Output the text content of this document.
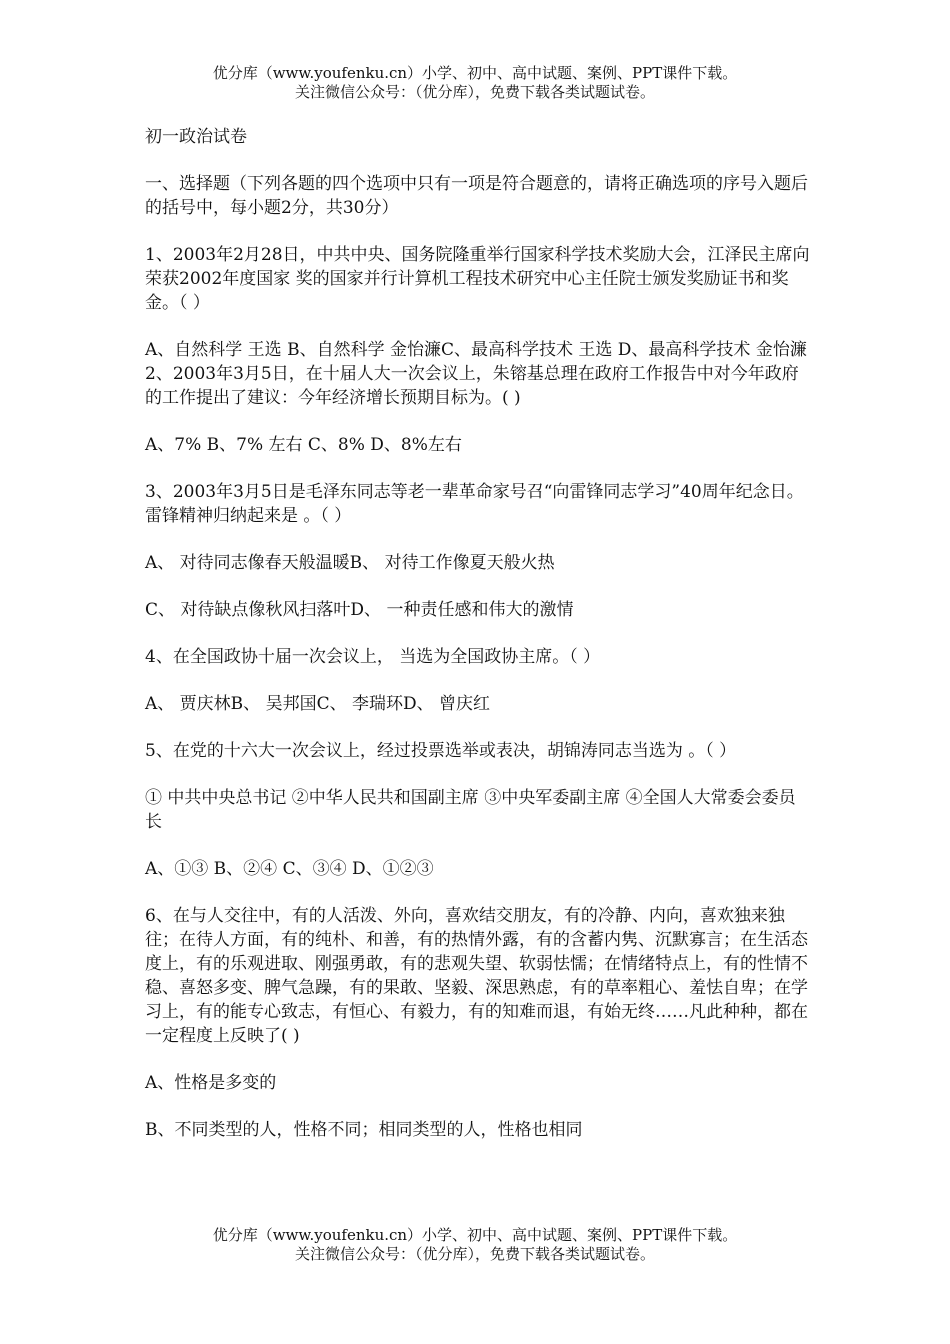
优分库（www.youfenku.cn）小学、初中、高中试题、案例、PPT课件下载。
关注微信公众号：（优分库），免费下载各类试题试卷。

初一政治试卷

一、选择题（下列各题的四个选项中只有一项是符合题意的，请将正确选项的序号入题后的括号中，每小题2分，共30分）

1、2003年2月28日，中共中央、国务院隆重举行国家科学技术奖励大会，江泽民主席向荣获2002年度国家 奖的国家并行计算机工程技术研究中心主任院士颁发奖励证书和奖金。（ ）

A、自然科学 王选 B、自然科学 金怡濂C、最高科学技术 王选 D、最高科学技术 金怡濂

2、2003年3月5日，在十届人大一次会议上，朱镕基总理在政府工作报告中对今年政府的工作提出了建议：今年经济增长预期目标为。( )

A、7% B、7% 左右 C、8% D、8%左右

3、2003年3月5日是毛泽东同志等老一辈革命家号召“向雷锋同志学习”40周年纪念日。雷锋精神归纳起来是 。（ ）

A、 对待同志像春天般温暖B、 对待工作像夏天般火热

C、 对待缺点像秋风扫落叶D、 一种责任感和伟大的激情

4、在全国政协十届一次会议上， 当选为全国政协主席。（ ）

A、 贾庆林B、 吴邦国C、 李瑞环D、 曾庆红

5、在党的十六大一次会议上，经过投票选举或表决，胡锦涛同志当选为 。（ ）

① 中共中央总书记 ②中华人民共和国副主席 ③中央军委副主席 ④全国人大常委会委员长

A、①③ B、②④ C、③④ D、①②③

6、在与人交往中，有的人活泼、外向，喜欢结交朋友，有的冷静、内向，喜欢独来独往；在待人方面，有的纯朴、和善，有的热情外露，有的含蓄内隽、沉默寡言；在生活态度上，有的乐观进取、刚强勇敢，有的悲观失望、软弱怯懦；在情绪特点上，有的性情不稳、喜怒多变、脾气急躁，有的果敢、坚毅、深思熟虑，有的草率粗心、羞怯自卑；在学习上，有的能专心致志，有恒心、有毅力，有的知难而退，有始无终……凡此种种，都在一定程度上反映了( )

A、性格是多变的

B、不同类型的人，性格不同；相同类型的人，性格也相同

优分库（www.youfenku.cn）小学、初中、高中试题、案例、PPT课件下载。
关注微信公众号：（优分库），免费下载各类试题试卷。
